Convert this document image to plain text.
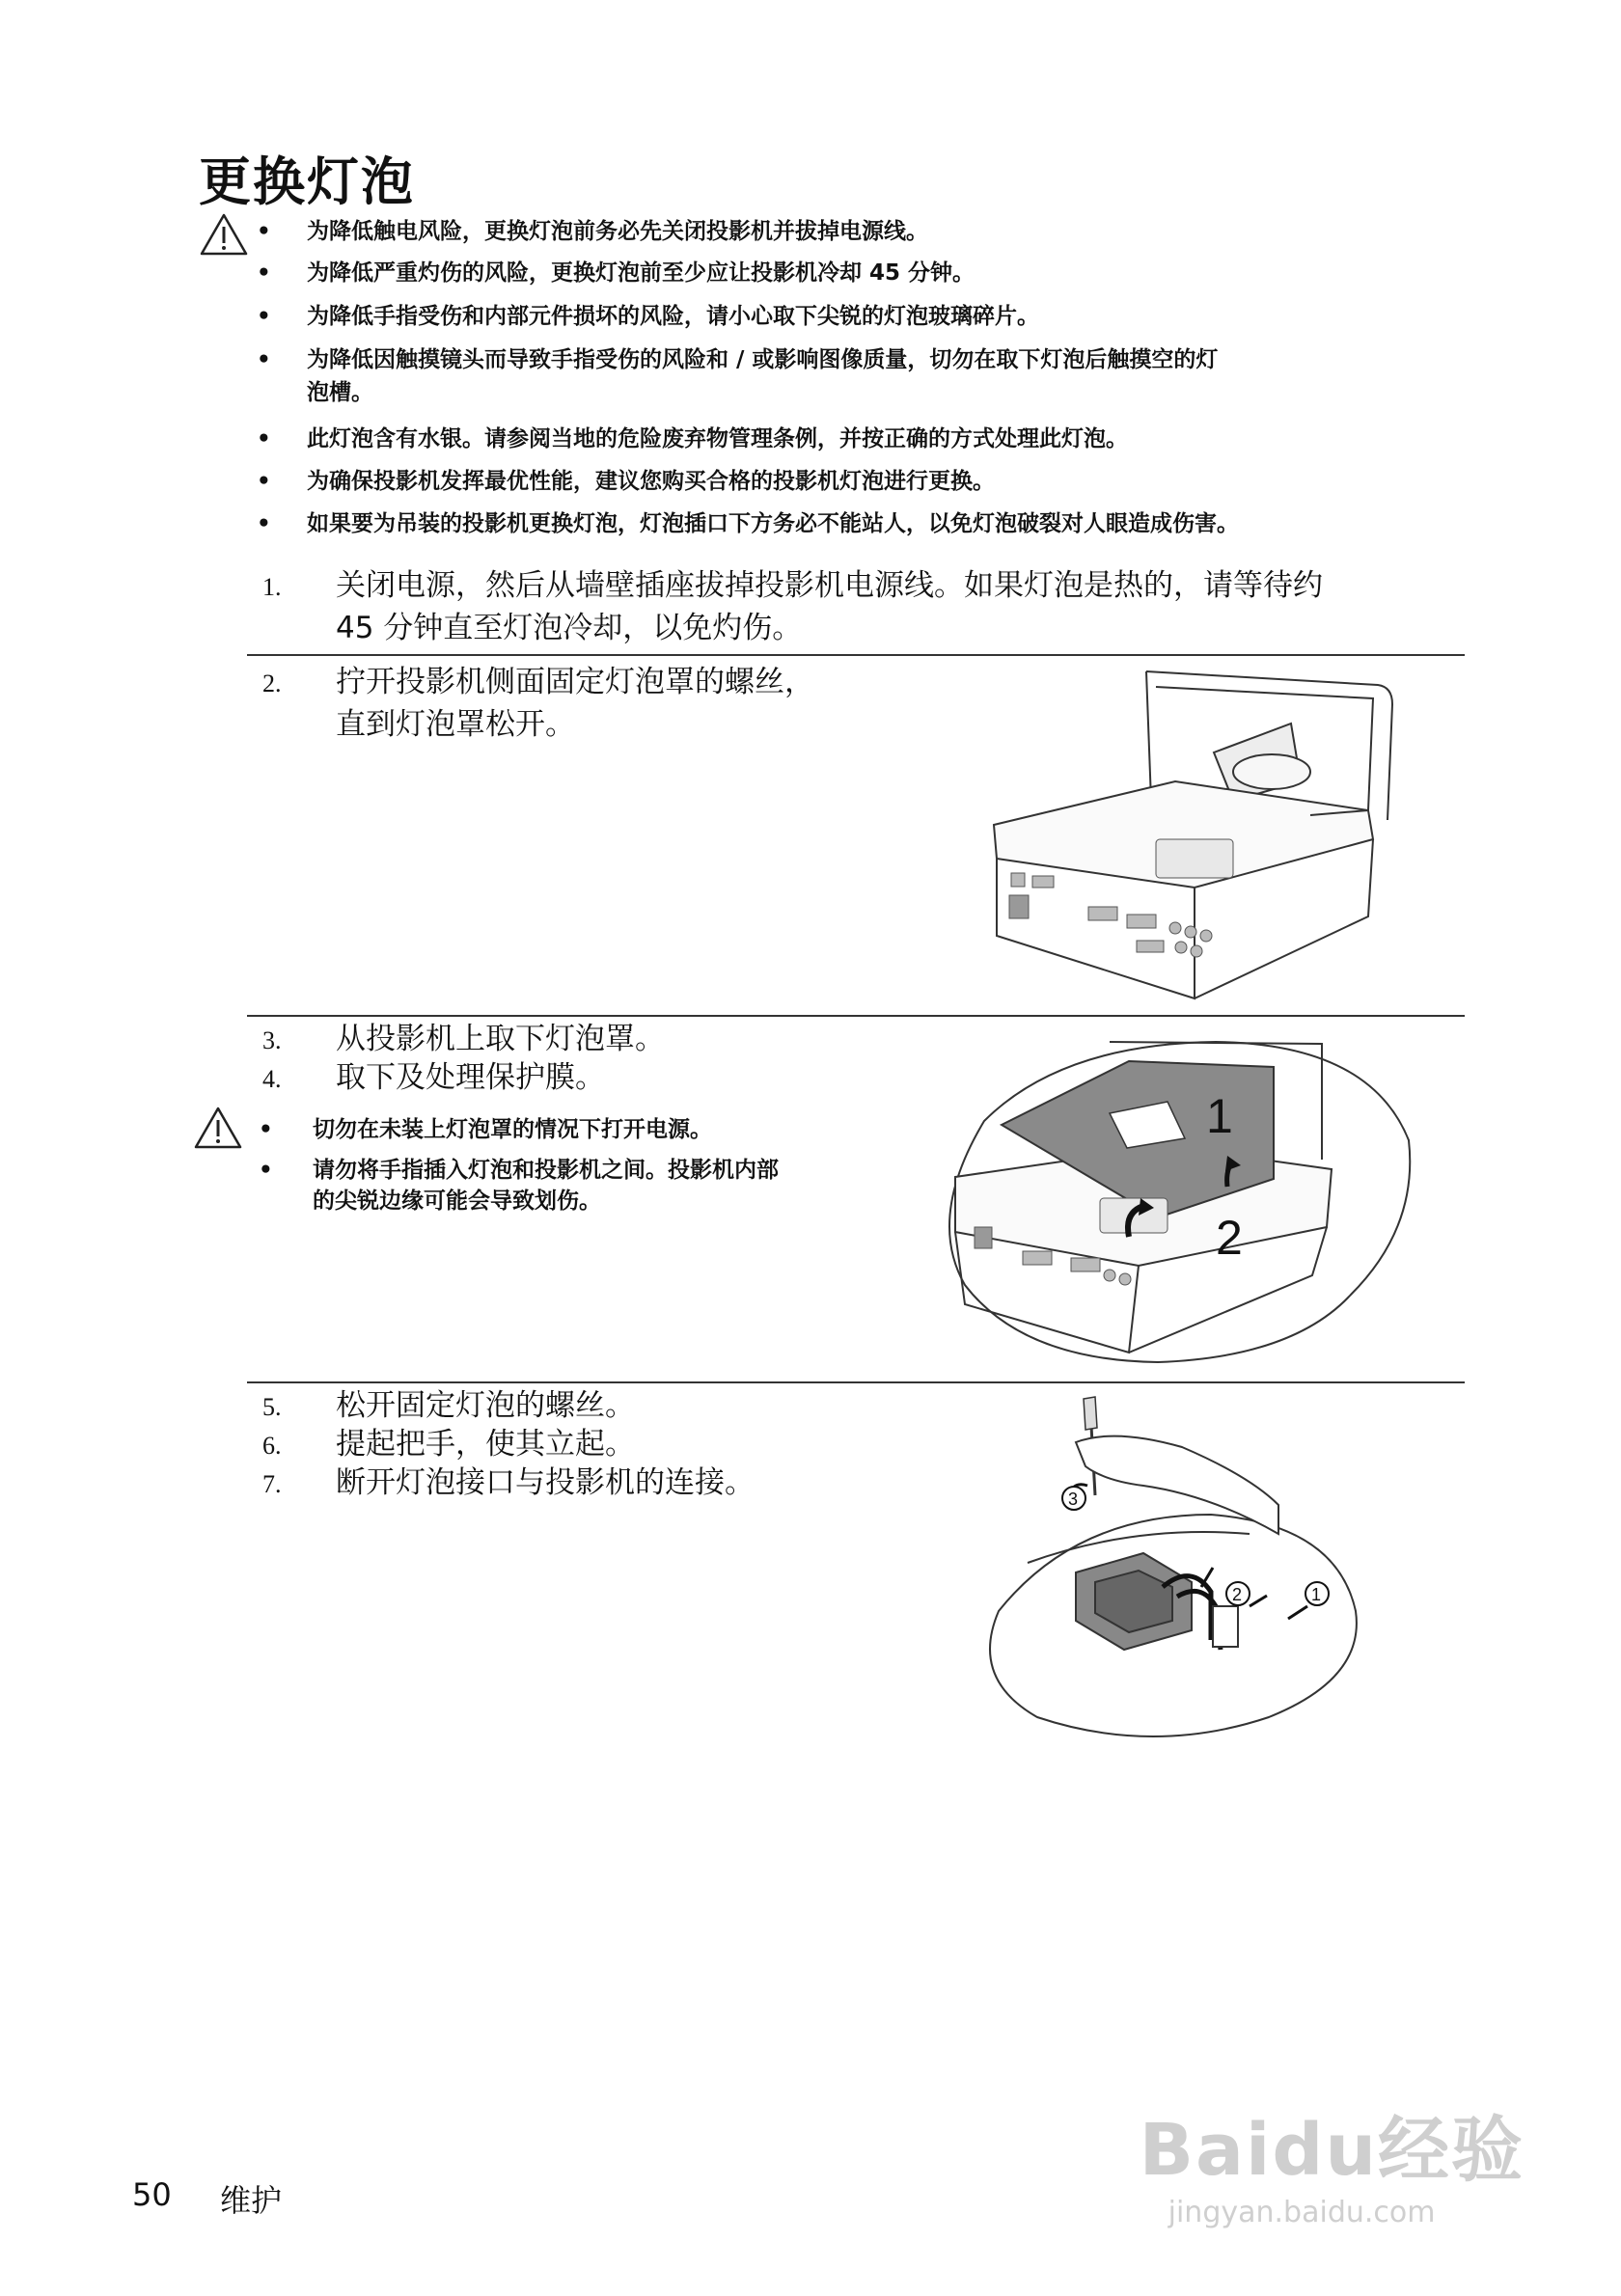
更换灯泡
• 为降低触电风险，更换灯泡前务必先关闭投影机并拔掉电源线。
• 为降低严重灼伤的风险，更换灯泡前至少应让投影机冷却 45 分钟。
• 为降低手指受伤和内部元件损坏的风险，请小心取下尖锐的灯泡玻璃碎片。
• 为降低因触摸镜头而导致手指受伤的风险和 / 或影响图像质量，切勿在取下灯泡后触摸空的灯
泡槽。
• 此灯泡含有水银。请参阅当地的危险废弃物管理条例，并按正确的方式处理此灯泡。
• 为确保投影机发挥最优性能，建议您购买合格的投影机灯泡进行更换。
• 如果要为吊装的投影机更换灯泡，灯泡插口下方务必不能站人，以免灯泡破裂对人眼造成伤害。
1. 关闭电源，然后从墙壁插座拔掉投影机电源线。如果灯泡是热的，请等待约
45 分钟直至灯泡冷却，以免灼伤。
2. 拧开投影机侧面固定灯泡罩的螺丝，
直到灯泡罩松开。
3. 从投影机上取下灯泡罩。
4. 取下及处理保护膜。
• 切勿在未装上灯泡罩的情况下打开电源。
• 请勿将手指插入灯泡和投影机之间。投影机内部
的尖锐边缘可能会导致划伤。
1
2
5. 松开固定灯泡的螺丝。
6. 提起把手，使其立起。
7. 断开灯泡接口与投影机的连接。	3
2	1
50 维护
Baidu经验
jingyan.baidu.com
